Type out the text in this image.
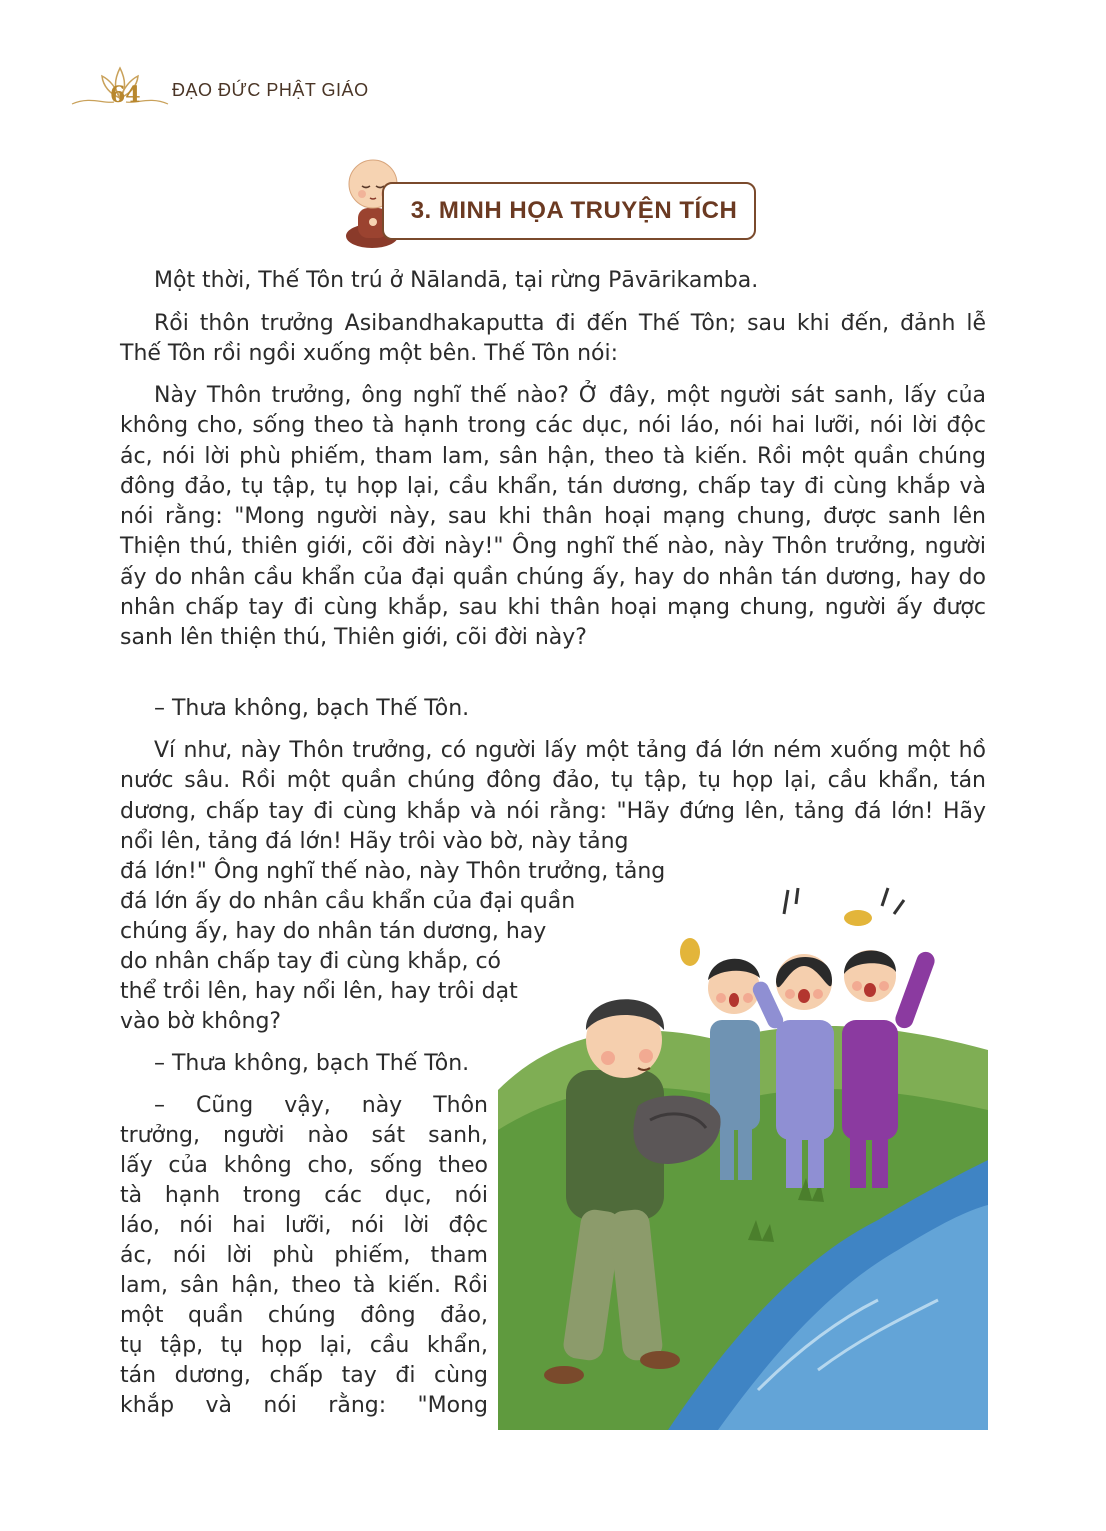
64 ĐẠO ĐỨC PHẬT GIÁO
3. MINH HỌA TRUYỆN TÍCH

Một thời, Thế Tôn trú ở Nālandā, tại rừng Pāvārikamba.

Rồi thôn trưởng Asibandhakaputta đi đến Thế Tôn; sau khi đến, đảnh lễ Thế Tôn rồi ngồi xuống một bên. Thế Tôn nói:

Này Thôn trưởng, ông nghĩ thế nào? Ở đây, một người sát sanh, lấy của không cho, sống theo tà hạnh trong các dục, nói láo, nói hai lưỡi, nói lời độc ác, nói lời phù phiếm, tham lam, sân hận, theo tà kiến. Rồi một quần chúng đông đảo, tụ tập, tụ họp lại, cầu khẩn, tán dương, chấp tay đi cùng khắp và nói rằng: "Mong người này, sau khi thân hoại mạng chung, được sanh lên Thiện thú, thiên giới, cõi đời này!" Ông nghĩ thế nào, này Thôn trưởng, người ấy do nhân cầu khẩn của đại quần chúng ấy, hay do nhân tán dương, hay do nhân chấp tay đi cùng khắp, sau khi thân hoại mạng chung, người ấy được sanh lên thiện thú, Thiên giới, cõi đời này?

– Thưa không, bạch Thế Tôn.

Ví như, này Thôn trưởng, có người lấy một tảng đá lớn ném xuống một hồ nước sâu. Rồi một quần chúng đông đảo, tụ tập, tụ họp lại, cầu khẩn, tán dương, chấp tay đi cùng khắp và nói rằng: "Hãy đứng lên, tảng đá lớn! Hãy nổi lên, tảng đá lớn! Hãy trôi vào bờ, này tảng

đá lớn!" Ông nghĩ thế nào, này Thôn trưởng, tảng
đá lớn ấy do nhân cầu khẩn của đại quần
chúng ấy, hay do nhân tán dương, hay
do nhân chấp tay đi cùng khắp, có
thể trồi lên, hay nổi lên, hay trôi dạt
vào bờ không?
– Thưa không, bạch Thế Tôn.
– Cũng vậy, này Thôn
trưởng, người nào sát sanh,
lấy của không cho, sống theo
tà hạnh trong các dục, nói
láo, nói hai lưỡi, nói lời độc
ác, nói lời phù phiếm, tham
lam, sân hận, theo tà kiến. Rồi
một quần chúng đông đảo,
tụ tập, tụ họp lại, cầu khẩn,
tán dương, chấp tay đi cùng
khắp và nói rằng: "Mong
